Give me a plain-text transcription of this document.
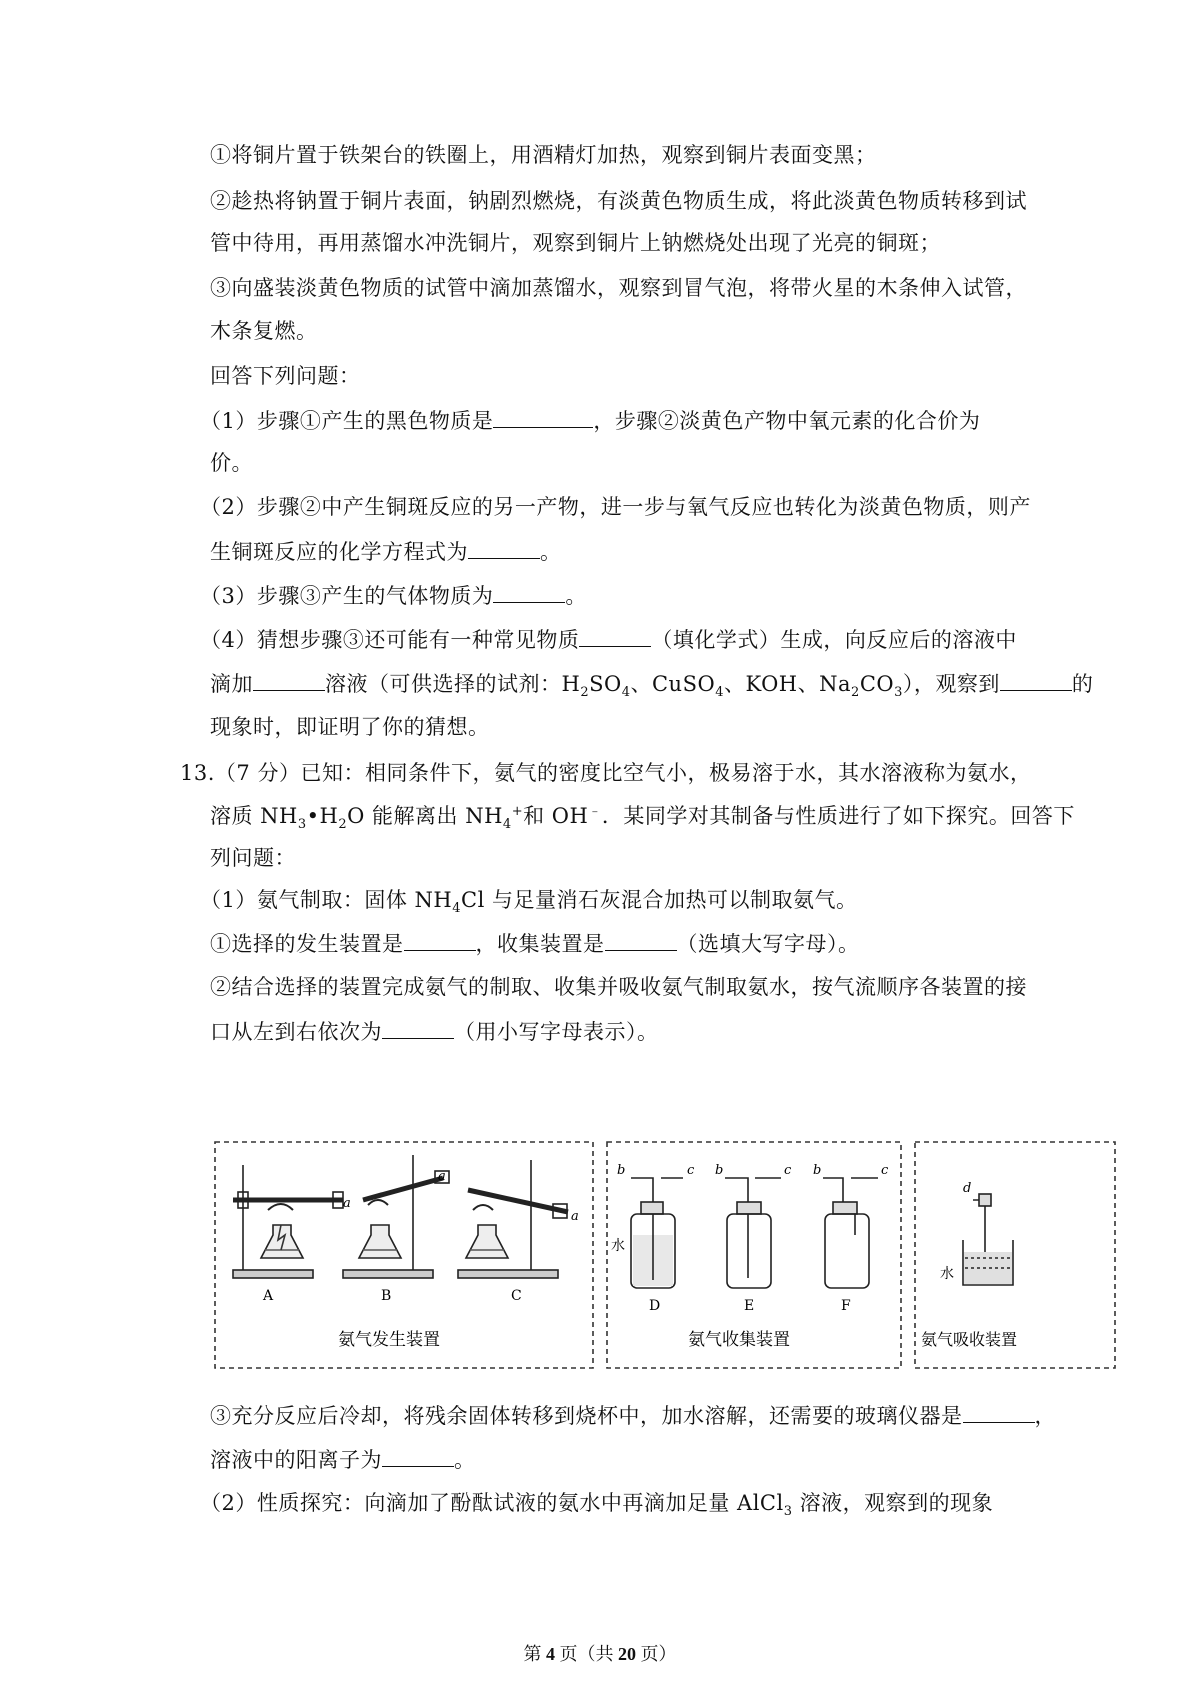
①将铜片置于铁架台的铁圈上，用酒精灯加热，观察到铜片表面变黑；
②趁热将钠置于铜片表面，钠剧烈燃烧，有淡黄色物质生成，将此淡黄色物质转移到试
管中待用，再用蒸馏水冲洗铜片，观察到铜片上钠燃烧处出现了光亮的铜斑；
③向盛装淡黄色物质的试管中滴加蒸馏水，观察到冒气泡，将带火星的木条伸入试管，
木条复燃。
回答下列问题：
（1）步骤①产生的黑色物质是	，步骤②淡黄色产物中氧元素的化合价为
价。
（2）步骤②中产生铜斑反应的另一产物，进一步与氧气反应也转化为淡黄色物质，则产
生铜斑反应的化学方程式为	。
（3）步骤③产生的气体物质为	。
（4）猜想步骤③还可能有一种常见物质	（填化学式）生成，向反应后的溶液中
滴加	溶液（可供选择的试剂：$H_2SO_4$、CuSO$_4$、KOH、$Na_2CO_3$），观察到	的
现象时，即证明了你的猜想。
13.（7 分）已知：相同条件下，氨气的密度比空气小，极易溶于水，其水溶液称为氨水，
溶质 $NH_3•H_2O$ 能解离出 $NH_4^+$和 OH﹣．某同学对其制备与性质进行了如下探究。回答下
列问题：
（1）氨气制取：固体 $NH_4Cl$ 与足量消石灰混合加热可以制取氨气。
①选择的发生装置是	，收集装置是	（选填大写字母）。
②结合选择的装置完成氨气的制取、收集并吸收氨气制取氨水，按气流顺序各装置的接
口从左到右依次为	（用小写字母表示）。
a
A
a
B
a
C
氨气发生装置
b	c
水
D
b	c
E
b	c
F
氨气收集装置
d
水
氨气吸收装置
③充分反应后冷却，将残余固体转移到烧杯中，加水溶解，还需要的玻璃仪器是	，
溶液中的阳离子为	。
（2）性质探究：向滴加了酚酞试液的氨水中再滴加足量 AlCl$_3$ 溶液，观察到的现象
第 4 页（共 20 页）
